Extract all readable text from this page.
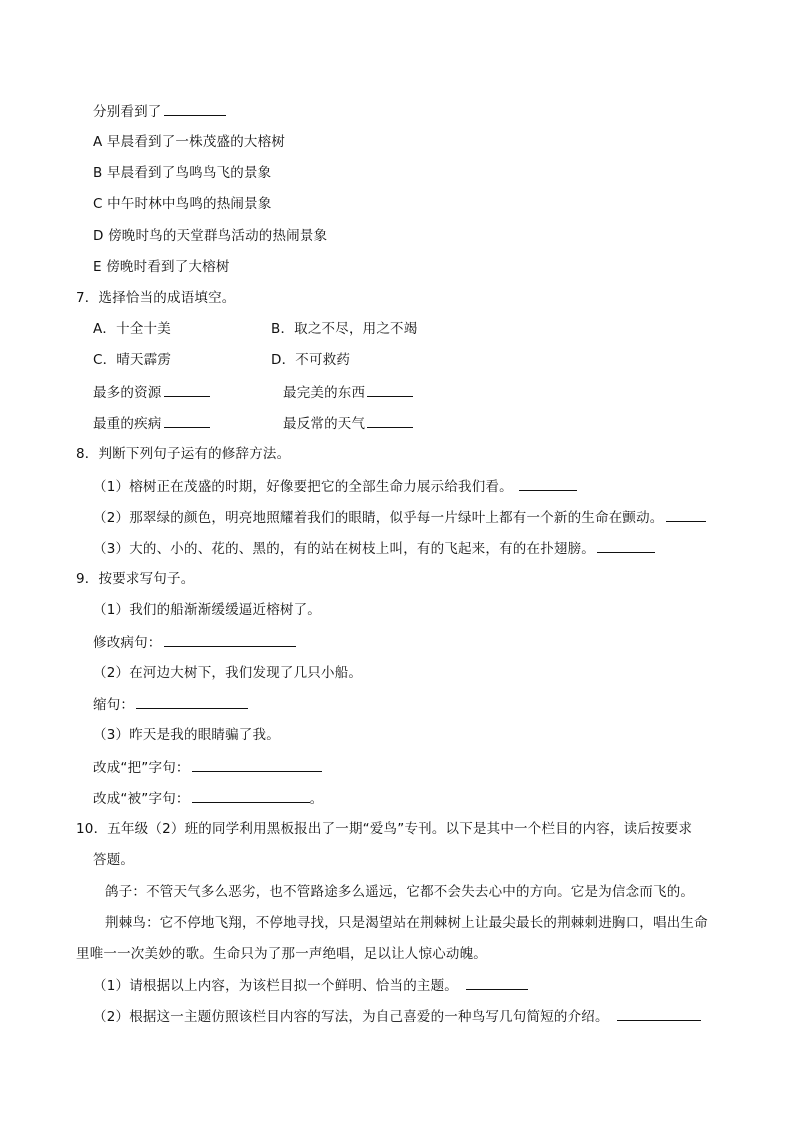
分别看到了
A 早晨看到了一株茂盛的大榕树
B 早晨看到了鸟鸣鸟飞的景象
C 中午时林中鸟鸣的热闹景象
D 傍晚时鸟的天堂群鸟活动的热闹景象
E 傍晚时看到了大榕树
7．选择恰当的成语填空。
A．十全十美	B．取之不尽，用之不竭
C．晴天霹雳	D．不可救药
最多的资源	最完美的东西
最重的疾病	最反常的天气
8．判断下列句子运有的修辞方法。
（1）榕树正在茂盛的时期，好像要把它的全部生命力展示给我们看。
（2）那翠绿的颜色，明亮地照耀着我们的眼睛，似乎每一片绿叶上都有一个新的生命在颤动。
（3）大的、小的、花的、黑的，有的站在树枝上叫，有的飞起来，有的在扑翅膀。
9．按要求写句子。
（1）我们的船渐渐缓缓逼近榕树了。
修改病句：
（2）在河边大树下，我们发现了几只小船。
缩句：
（3）昨天是我的眼睛骗了我。
改成“把”字句：
改成“被”字句：	。
10．五年级（2）班的同学利用黑板报出了一期“爱鸟”专刊。以下是其中一个栏目的内容，读后按要求
答题。
鸽子：不管天气多么恶劣，也不管路途多么遥远，它都不会失去心中的方向。它是为信念而飞的。
荆棘鸟：它不停地飞翔，不停地寻找，只是渴望站在荆棘树上让最尖最长的荆棘刺进胸口，唱出生命
里唯一一次美妙的歌。生命只为了那一声绝唱，足以让人惊心动魄。
（1）请根据以上内容，为该栏目拟一个鲜明、恰当的主题。
（2）根据这一主题仿照该栏目内容的写法，为自己喜爱的一种鸟写几句简短的介绍。
